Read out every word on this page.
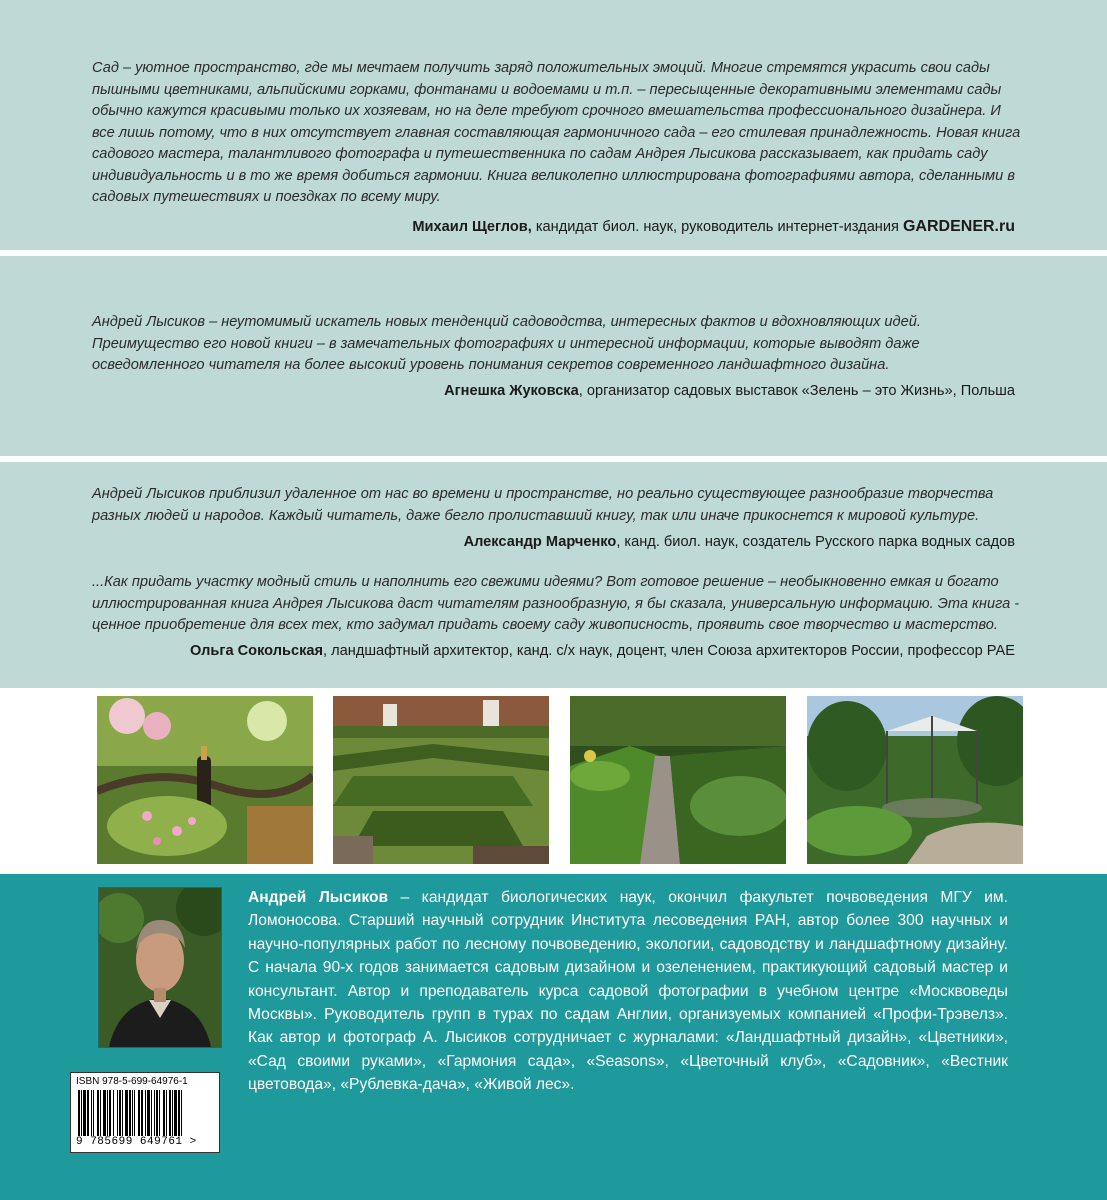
Сад – уютное пространство, где мы мечтаем получить заряд положительных эмоций. Многие стремятся украсить свои сады пышными цветниками, альпийскими горками, фонтанами и водоемами и т.п. – пересыщенные декоративными элементами сады обычно кажутся красивыми только их хозяевам, но на деле требуют срочного вмешательства профессионального дизайнера. И все лишь потому, что в них отсутствует главная составляющая гармоничного сада – его стилевая принадлежность. Новая книга садового мастера, талантливого фотографа и путешественника по садам Андрея Лысикова рассказывает, как придать саду индивидуальность и в то же время добиться гармонии. Книга великолепно иллюстрирована фотографиями автора, сделанными в садовых путешествиях и поездках по всему миру.

Михаил Щеглов, кандидат биол. наук, руководитель интернет-издания GARDENER.ru

Андрей Лысиков – неутомимый искатель новых тенденций садоводства, интересных фактов и вдохновляющих идей. Преимущество его новой книги – в замечательных фотографиях и интересной информации, которые выводят даже осведомленного читателя на более высокий уровень понимания секретов современного ландшафтного дизайна.

Агнешка Жуковска, организатор садовых выставок «Зелень – это Жизнь», Польша

Андрей Лысиков приблизил удаленное от нас во времени и пространстве, но реально существующее разнообразие творчества разных людей и народов. Каждый читатель, даже бегло пролиставший книгу, так или иначе прикоснется к мировой культуре.

Александр Марченко, канд. биол. наук, создатель Русского парка водных садов

...Как придать участку модный стиль и наполнить его свежими идеями? Вот готовое решение – необыкновенно емкая и богато иллюстрированная книга Андрея Лысикова даст читателям разнообразную, я бы сказала, универсальную информацию. Эта книга - ценное приобретение для всех тех, кто задумал придать своему саду живописность, проявить свое творчество и мастерство.

Ольга Сокольская, ландшафтный архитектор, канд. с/х наук, доцент, член Союза архитекторов России, профессор РАЕ

Андрей Лысиков – кандидат биологических наук, окончил факультет почвоведения МГУ им. Ломоносова. Старший научный сотрудник Института лесоведения РАН, автор более 300 научных и научно-популярных работ по лесному почвоведению, экологии, садоводству и ландшафтному дизайну. С начала 90-х годов занимается садовым дизайном и озеленением, практикующий садовый мастер и консультант. Автор и преподаватель курса садовой фотографии в учебном центре «Москвоведы Москвы». Руководитель групп в турах по садам Англии, организуемых компанией «Профи-Трэвелз». Как автор и фотограф А. Лысиков сотрудничает с журналами: «Ландшафтный дизайн», «Цветники», «Сад своими руками», «Гармония сада», «Seasons», «Цветочный клуб», «Садовник», «Вестник цветовода», «Рублевка-дача», «Живой лес».

ISBN 978-5-699-64976-1
9 785699 649761 >
